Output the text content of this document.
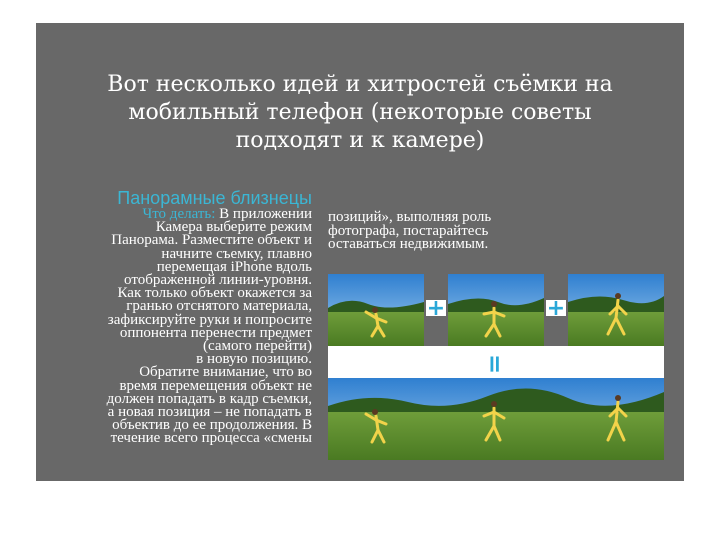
Вот несколько идей и хитростей съёмки на
мобильный телефон (некоторые советы
подходят и к камере)
Панорамные близнецы
Что делать: В приложении
Камера выберите режим
Панорама. Разместите объект и
начните съемку, плавно
перемещая iPhone вдоль
отображенной линии-уровня.
Как только объект окажется за
гранью отснятого материала,
зафиксируйте руки и попросите
оппонента перенести предмет
(самого перейти)
в новую позицию.
Обратите внимание, что во
время перемещения объект не
должен попадать в кадр съемки,
а новая позиция – не попадать в
объектив до ее продолжения. В
течение всего процесса «смены
позиций», выполняя роль
фотографа, постарайтесь
оставаться недвижимым.
+	+
=
